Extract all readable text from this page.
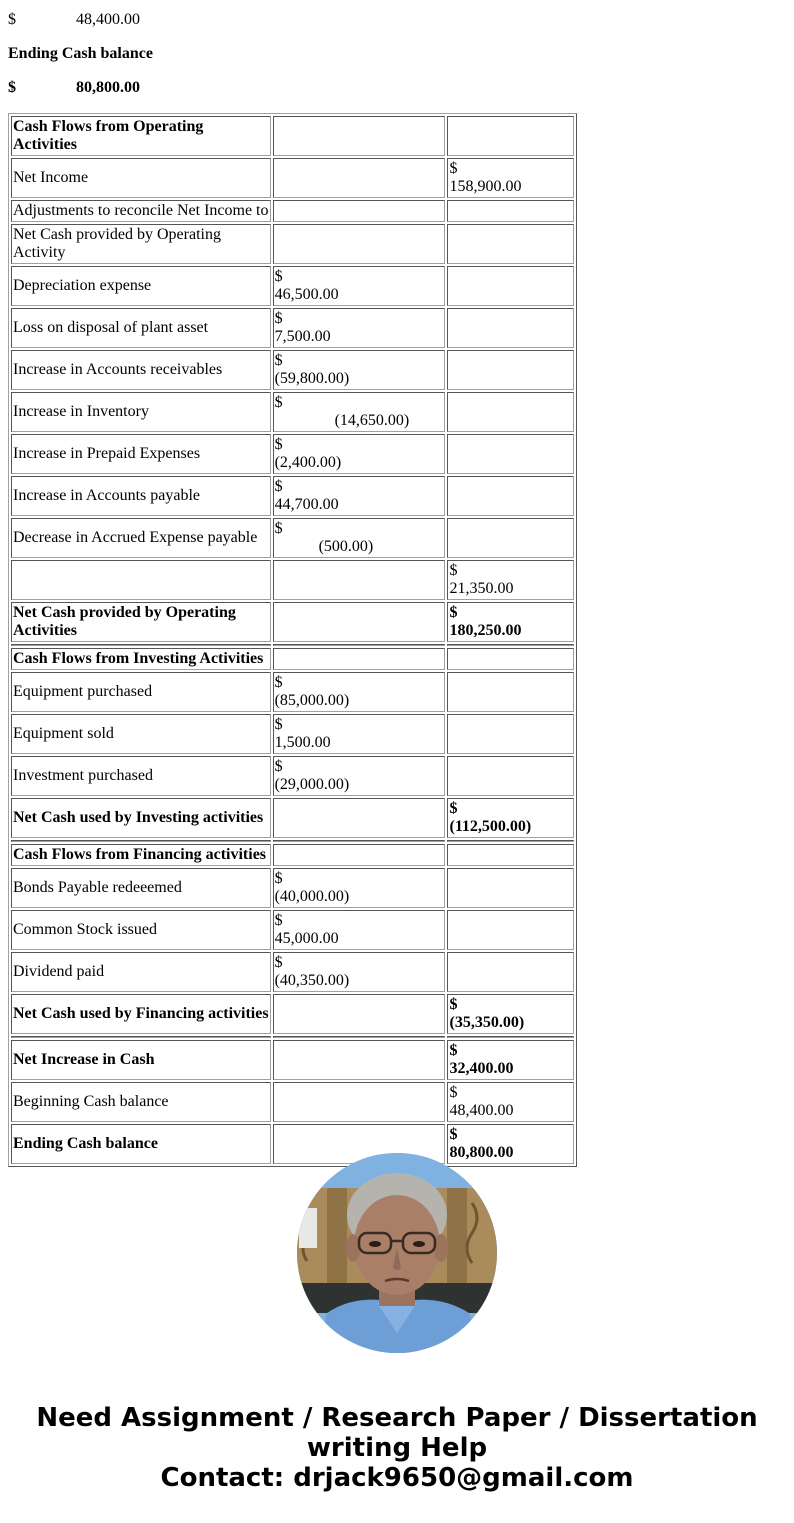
$	48,400.00
Ending Cash balance
$	80,800.00
Cash Flows from Operating Activities		
Net Income		$
158,900.00

Adjustments to reconcile Net Income to		
Net Cash provided by Operating Activity		
Depreciation expense	$
46,500.00	

Loss on disposal of plant asset	$
7,500.00	

Increase in Accounts receivables	$
(59,800.00)	

Increase in Inventory	$
(14,650.00)	

Increase in Prepaid Expenses	$
(2,400.00)	

Increase in Accounts payable	$
44,700.00	

Decrease in Accrued Expense payable	$
(500.00)	

		$
21,350.00

Net Cash provided by Operating Activities		$
180,250.00

Cash Flows from Investing Activities		
Equipment purchased	$
(85,000.00)	

Equipment sold	$
1,500.00	

Investment purchased	$
(29,000.00)	

Net Cash used by Investing activities		$
(112,500.00)

Cash Flows from Financing activities		
Bonds Payable redeeemed	$
(40,000.00)	

Common Stock issued	$
45,000.00	

Dividend paid	$
(40,350.00)	

Net Cash used by Financing activities		$
(35,350.00)

Net Increase in Cash		$
32,400.00

Beginning Cash balance		$
48,400.00

Ending Cash balance		$
80,800.00
Need Assignment / Research Paper / Dissertation
writing Help
Contact: drjack9650@gmail.com
